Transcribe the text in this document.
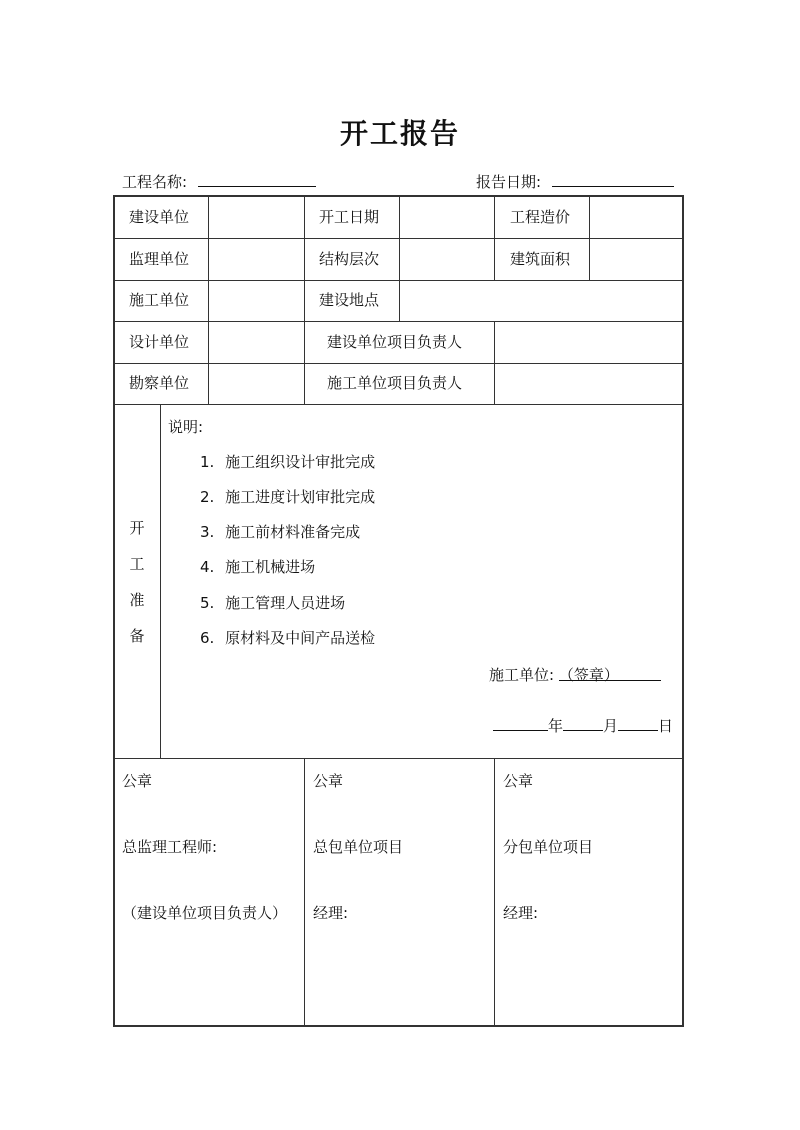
开工报告
工程名称:	报告日期:
建设单位	开工日期	工程造价
监理单位	结构层次	建筑面积
施工单位	建设地点
设计单位	建设单位项目负责人
勘察单位	施工单位项目负责人
开
工
准
备
说明:
1. 施工组织设计审批完成
2. 施工进度计划审批完成
3. 施工前材料准备完成
4. 施工机械进场
5. 施工管理人员进场
6. 原材料及中间产品送检
施工单位: （签章）
年	月	日
公章
总监理工程师:
（建设单位项目负责人）
公章
总包单位项目
经理:
公章
分包单位项目
经理:
